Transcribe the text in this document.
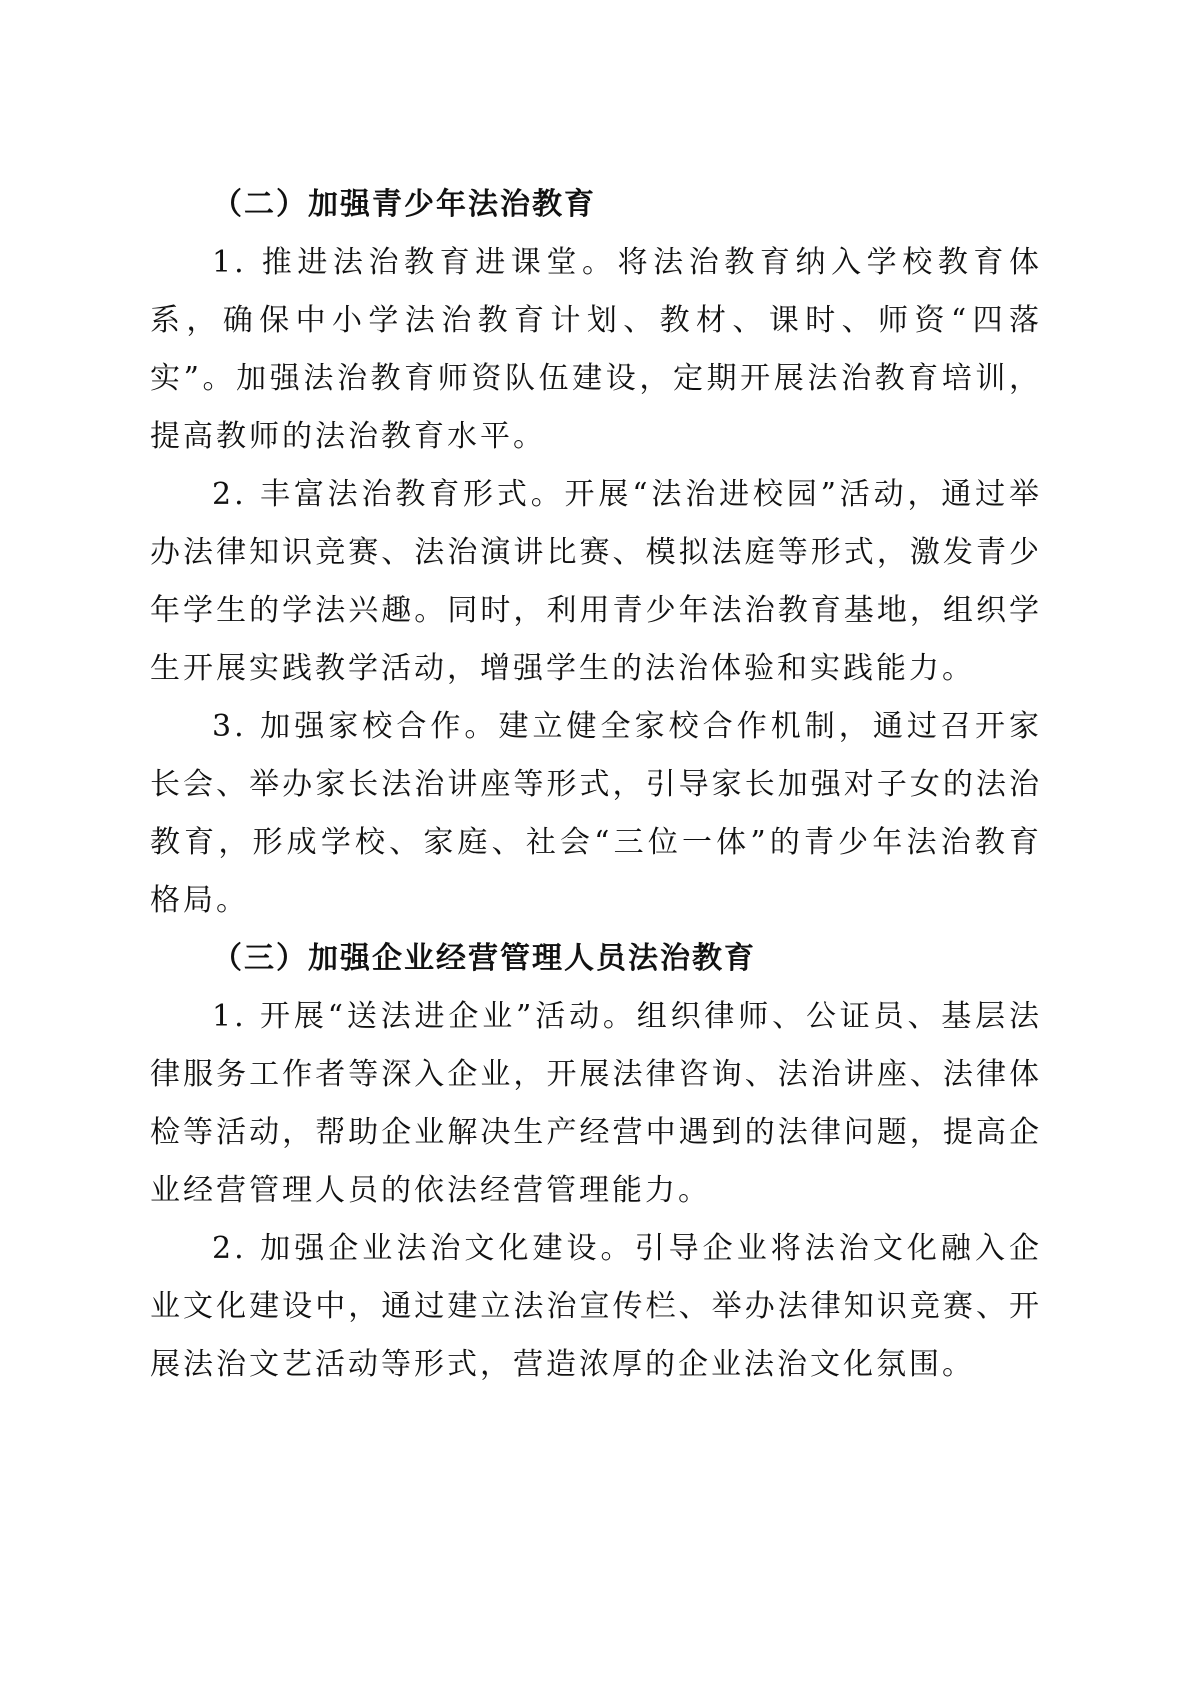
（二）加强青少年法治教育

1. 推进法治教育进课堂。将法治教育纳入学校教育体系，确保中小学法治教育计划、教材、课时、师资“四落实”。加强法治教育师资队伍建设，定期开展法治教育培训，提高教师的法治教育水平。

2. 丰富法治教育形式。开展“法治进校园”活动，通过举办法律知识竞赛、法治演讲比赛、模拟法庭等形式，激发青少年学生的学法兴趣。同时，利用青少年法治教育基地，组织学生开展实践教学活动，增强学生的法治体验和实践能力。

3. 加强家校合作。建立健全家校合作机制，通过召开家长会、举办家长法治讲座等形式，引导家长加强对子女的法治教育，形成学校、家庭、社会“三位一体”的青少年法治教育格局。

（三）加强企业经营管理人员法治教育

1. 开展“送法进企业”活动。组织律师、公证员、基层法律服务工作者等深入企业，开展法律咨询、法治讲座、法律体检等活动，帮助企业解决生产经营中遇到的法律问题，提高企业经营管理人员的依法经营管理能力。

2. 加强企业法治文化建设。引导企业将法治文化融入企业文化建设中，通过建立法治宣传栏、举办法律知识竞赛、开展法治文艺活动等形式，营造浓厚的企业法治文化氛围。
